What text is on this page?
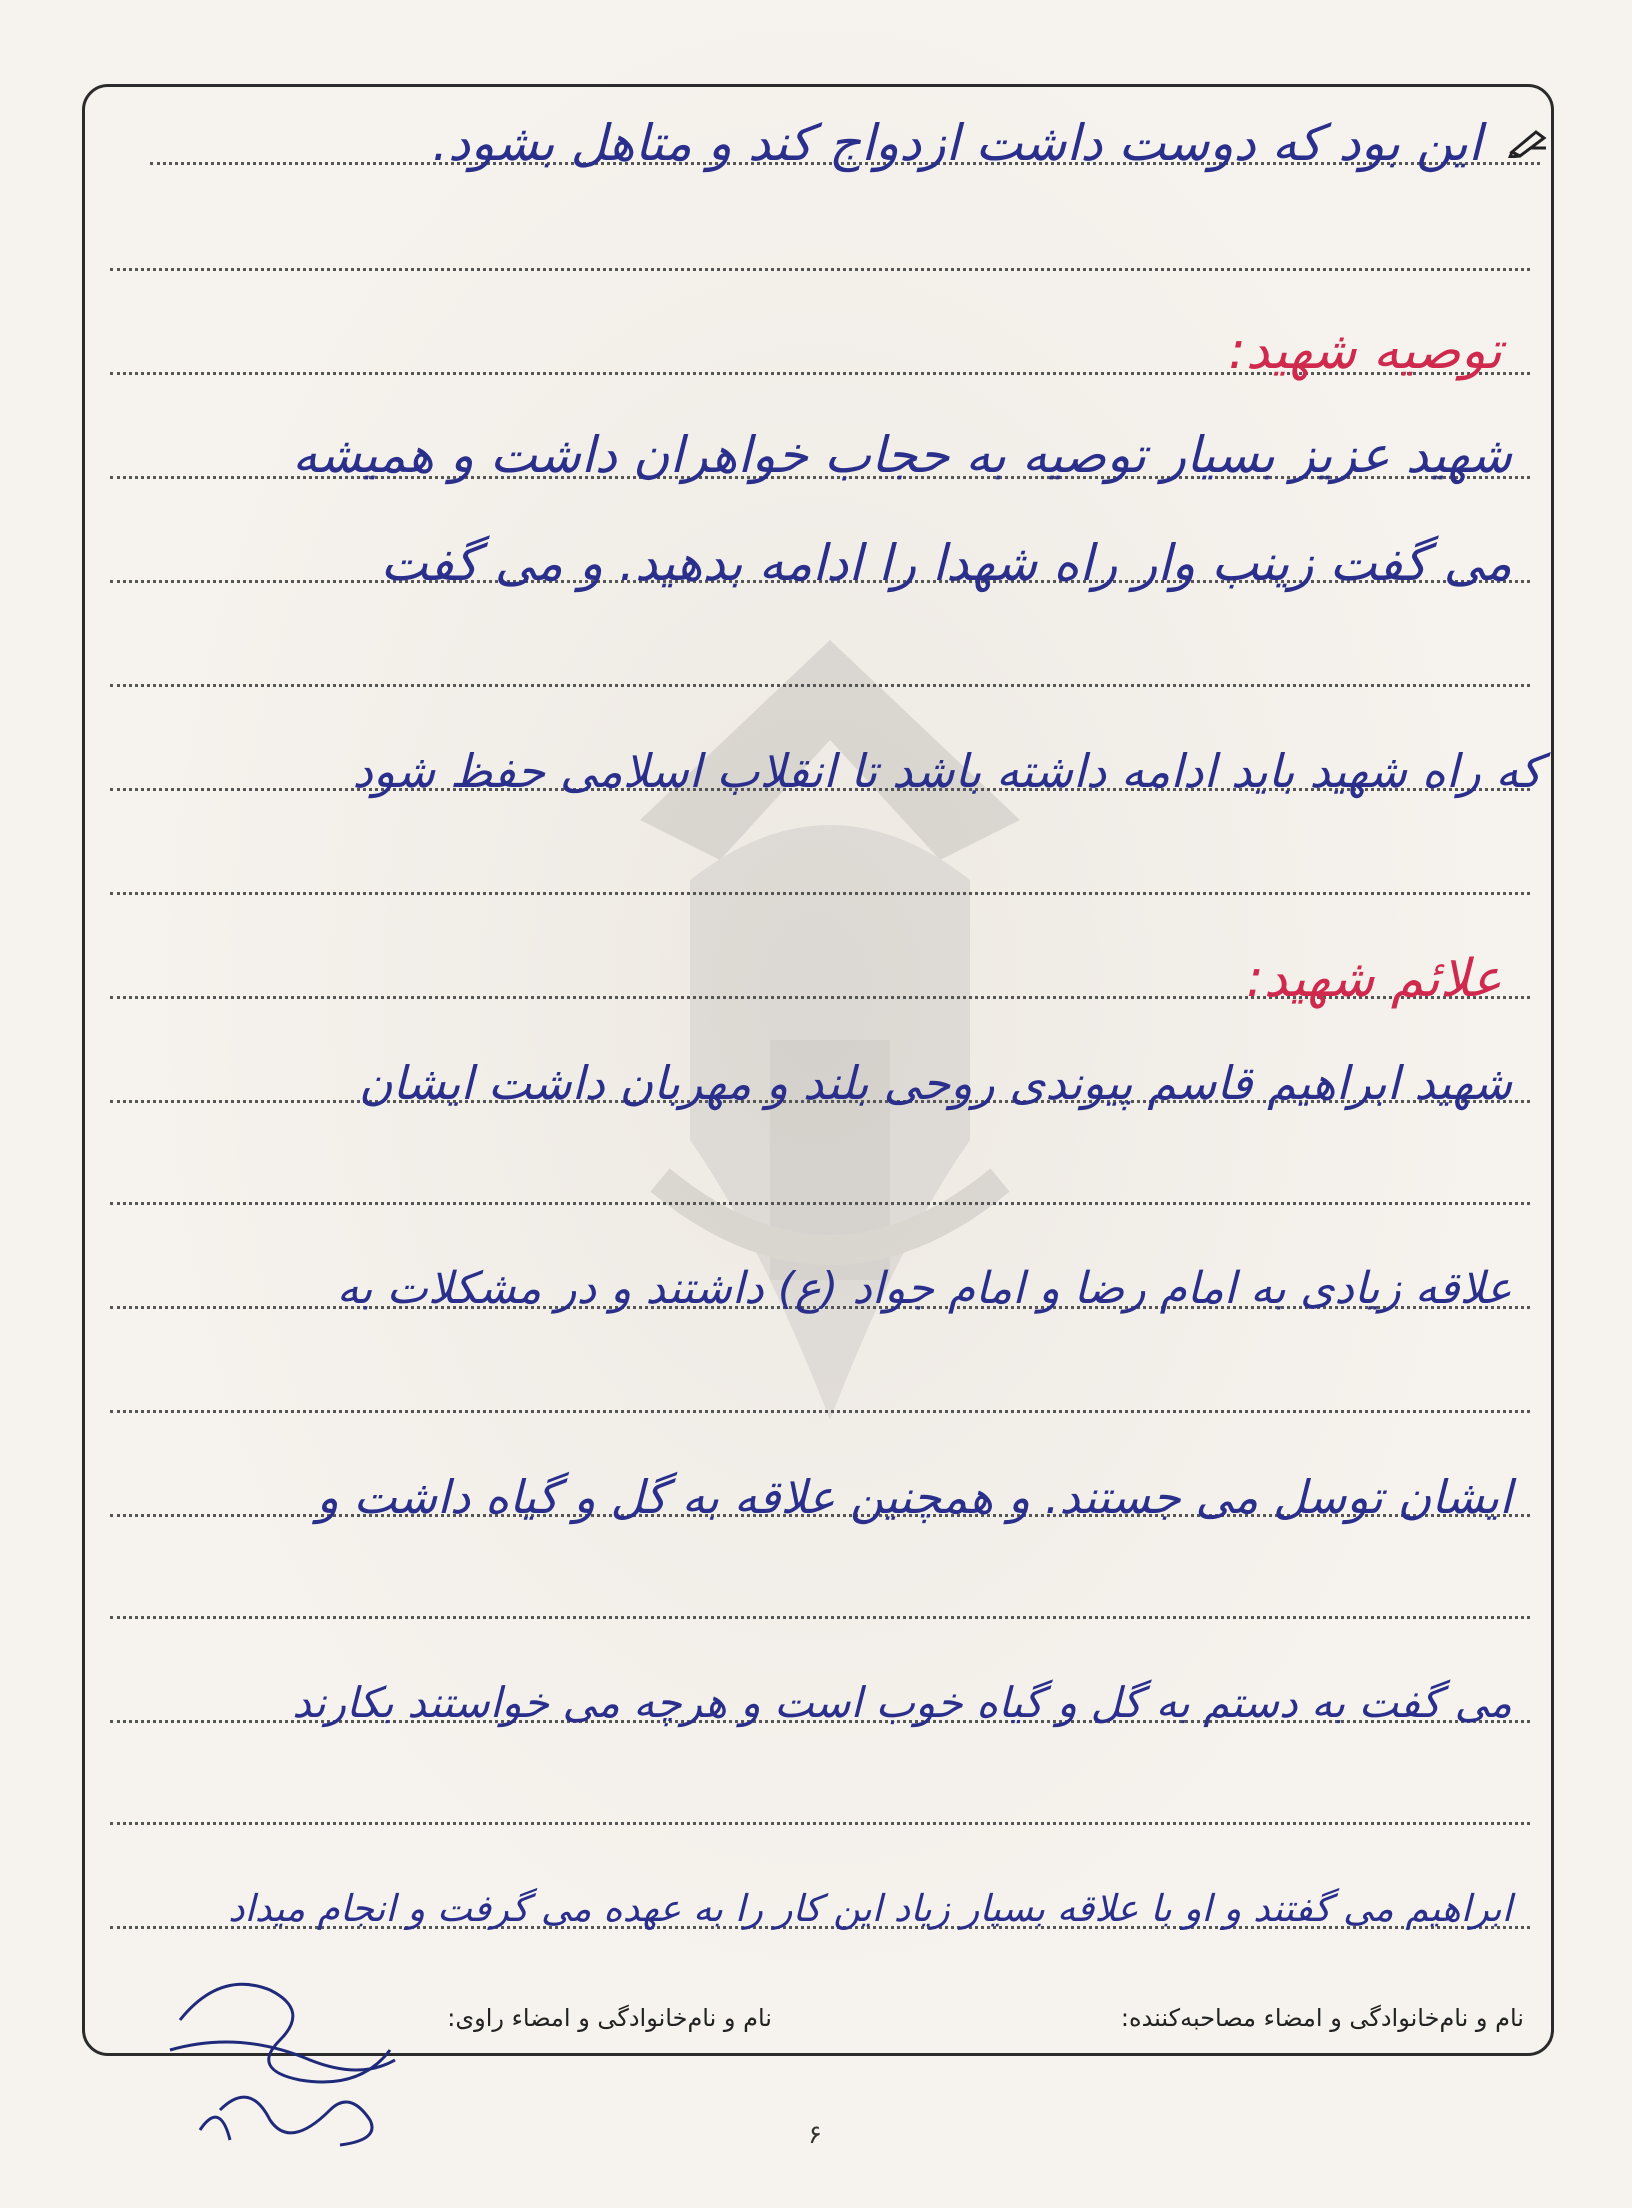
این بود که دوست داشت ازدواج کند و متاهل بشود.
توصیه شهید:
شهید عزیز بسیار توصیه به حجاب خواهران داشت و همیشه
می گفت زینب وار راه شهدا را ادامه بدهید. و می گفت
که راه شهید باید ادامه داشته باشد تا انقلاب اسلامی حفظ شود
علائم شهید:
شهید ابراهیم قاسم پیوندی روحی بلند و مهربان داشت ایشان
علاقه زیادی به امام رضا و امام جواد (ع) داشتند و در مشکلات به
ایشان توسل می جستند. و همچنین علاقه به گل و گیاه داشت و
می گفت به دستم به گل و گیاه خوب است و هرچه می خواستند بکارند
ابراهیم می گفتند و او با علاقه بسیار زیاد این کار را به عهده می گرفت و انجام میداد
نام و نام‌خانوادگی و امضاء مصاحبه‌کننده:
نام و نام‌خانوادگی و امضاء راوی:
۶
